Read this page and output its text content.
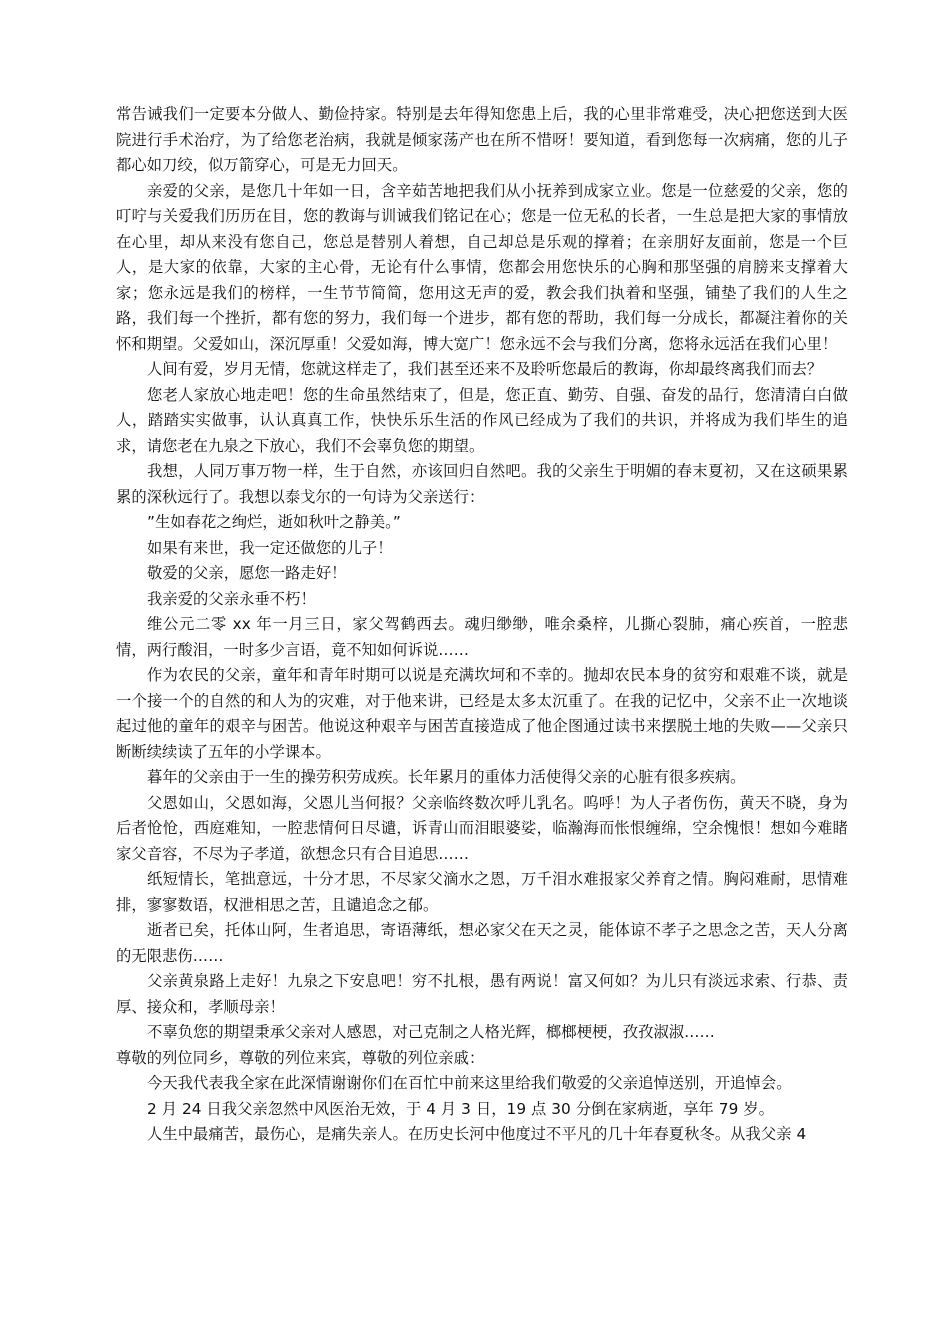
常告诫我们一定要本分做人、勤俭持家。特别是去年得知您患上后，我的心里非常难受，决心把您送到大医院进行手术治疗，为了给您老治病，我就是倾家荡产也在所不惜呀！要知道，看到您每一次病痛，您的儿子都心如刀绞，似万箭穿心，可是无力回天。

亲爱的父亲，是您几十年如一日，含辛茹苦地把我们从小抚养到成家立业。您是一位慈爱的父亲，您的叮咛与关爱我们历历在目，您的教诲与训诫我们铭记在心；您是一位无私的长者，一生总是把大家的事情放在心里，却从来没有您自己，您总是替别人着想，自己却总是乐观的撑着；在亲朋好友面前，您是一个巨人，是大家的依靠，大家的主心骨，无论有什么事情，您都会用您快乐的心胸和那坚强的肩膀来支撑着大家；您永远是我们的榜样，一生节节简简，您用这无声的爱，教会我们执着和坚强，铺垫了我们的人生之路，我们每一个挫折，都有您的努力，我们每一个进步，都有您的帮助，我们每一分成长，都凝注着你的关怀和期望。父爱如山，深沉厚重！父爱如海，博大宽广！您永远不会与我们分离，您将永远活在我们心里！

人间有爱，岁月无情，您就这样走了，我们甚至还来不及聆听您最后的教诲，你却最终离我们而去？

您老人家放心地走吧！您的生命虽然结束了，但是，您正直、勤劳、自强、奋发的品行，您清清白白做人，踏踏实实做事，认认真真工作，快快乐乐生活的作风已经成为了我们的共识，并将成为我们毕生的追求，请您老在九泉之下放心，我们不会辜负您的期望。

我想，人同万事万物一样，生于自然，亦该回归自然吧。我的父亲生于明媚的春末夏初，又在这硕果累累的深秋远行了。我想以泰戈尔的一句诗为父亲送行：

”生如春花之绚烂，逝如秋叶之静美。”

如果有来世，我一定还做您的儿子！

敬爱的父亲，愿您一路走好！

我亲爱的父亲永垂不朽！

维公元二零 xx 年一月三日，家父驾鹤西去。魂归缈缈，唯余桑梓，儿撕心裂肺，痛心疾首，一腔悲情，两行酸泪，一时多少言语，竟不知如何诉说……

作为农民的父亲，童年和青年时期可以说是充满坎坷和不幸的。抛却农民本身的贫穷和艰难不谈，就是一个接一个的自然的和人为的灾难，对于他来讲，已经是太多太沉重了。在我的记忆中，父亲不止一次地谈起过他的童年的艰辛与困苦。他说这种艰辛与困苦直接造成了他企图通过读书来摆脱土地的失败——父亲只断断续续读了五年的小学课本。

暮年的父亲由于一生的操劳积劳成疾。长年累月的重体力活使得父亲的心脏有很多疾病。

父恩如山，父恩如海，父恩儿当何报？父亲临终数次呼儿乳名。呜呼！为人子者伤伤，黄天不晓，身为后者怆怆，西庭难知，一腔悲情何日尽谴，诉青山而泪眼婆娑，临瀚海而怅恨缠绵，空余愧恨！想如今难睹家父音容，不尽为子孝道，欲想念只有合目追思……

纸短情长，笔拙意远，十分才思，不尽家父滴水之恩，万千泪水难报家父养育之情。胸闷难耐，思情难排，寥寥数语，权泄相思之苦，且谴追念之郁。

逝者已矣，托体山阿，生者追思，寄语薄纸，想必家父在天之灵，能体谅不孝子之思念之苦，天人分离的无限悲伤……

父亲黄泉路上走好！九泉之下安息吧！穷不扎根，愚有两说！富又何如？为儿只有淡远求索、行恭、责厚、接众和，孝顺母亲！

不辜负您的期望秉承父亲对人感恩，对己克制之人格光辉，榔榔梗梗，孜孜淑淑……

尊敬的列位同乡，尊敬的列位来宾，尊敬的列位亲戚：

今天我代表我全家在此深情谢谢你们在百忙中前来这里给我们敬爱的父亲追悼送别，开追悼会。

2 月 24 日我父亲忽然中风医治无效，于 4 月 3 日，19 点 30 分倒在家病逝，享年 79 岁。

人生中最痛苦，最伤心，是痛失亲人。在历史长河中他度过不平凡的几十年春夏秋冬。从我父亲 4
